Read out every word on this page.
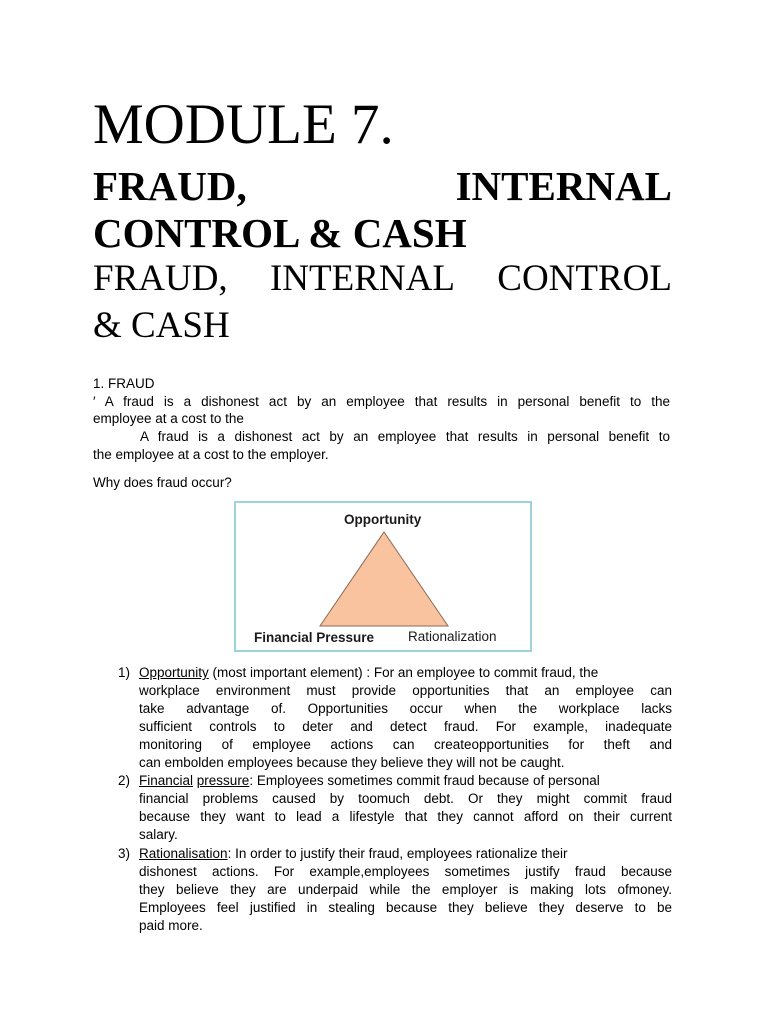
MODULE 7.
FRAUD,	INTERNAL
CONTROL & CASH
FRAUD, INTERNAL CONTROL
& CASH
1. FRAUD
′ A fraud is a dishonest act by an employee that results in personal benefit to the
employee at a cost to the
A fraud is a dishonest act by an employee that results in personal benefit to
the employee at a cost to the employer.
Why does fraud occur?
Opportunity
Financial Pressure	Rationalization
1) Opportunity (most important element) : For an employee to commit fraud, the
workplace environment must provide opportunities that an employee can
take advantage of. Opportunities occur when the workplace lacks
sufficient controls to deter and detect fraud. For example, inadequate
monitoring of employee actions can createopportunities for theft and
can embolden employees because they believe they will not be caught.
2) Financial pressure: Employees sometimes commit fraud because of personal
financial problems caused by toomuch debt. Or they might commit fraud
because they want to lead a lifestyle that they cannot afford on their current
salary.
3) Rationalisation: In order to justify their fraud, employees rationalize their
dishonest actions. For example,employees sometimes justify fraud because
they believe they are underpaid while the employer is making lots ofmoney.
Employees feel justified in stealing because they believe they deserve to be
paid more.
